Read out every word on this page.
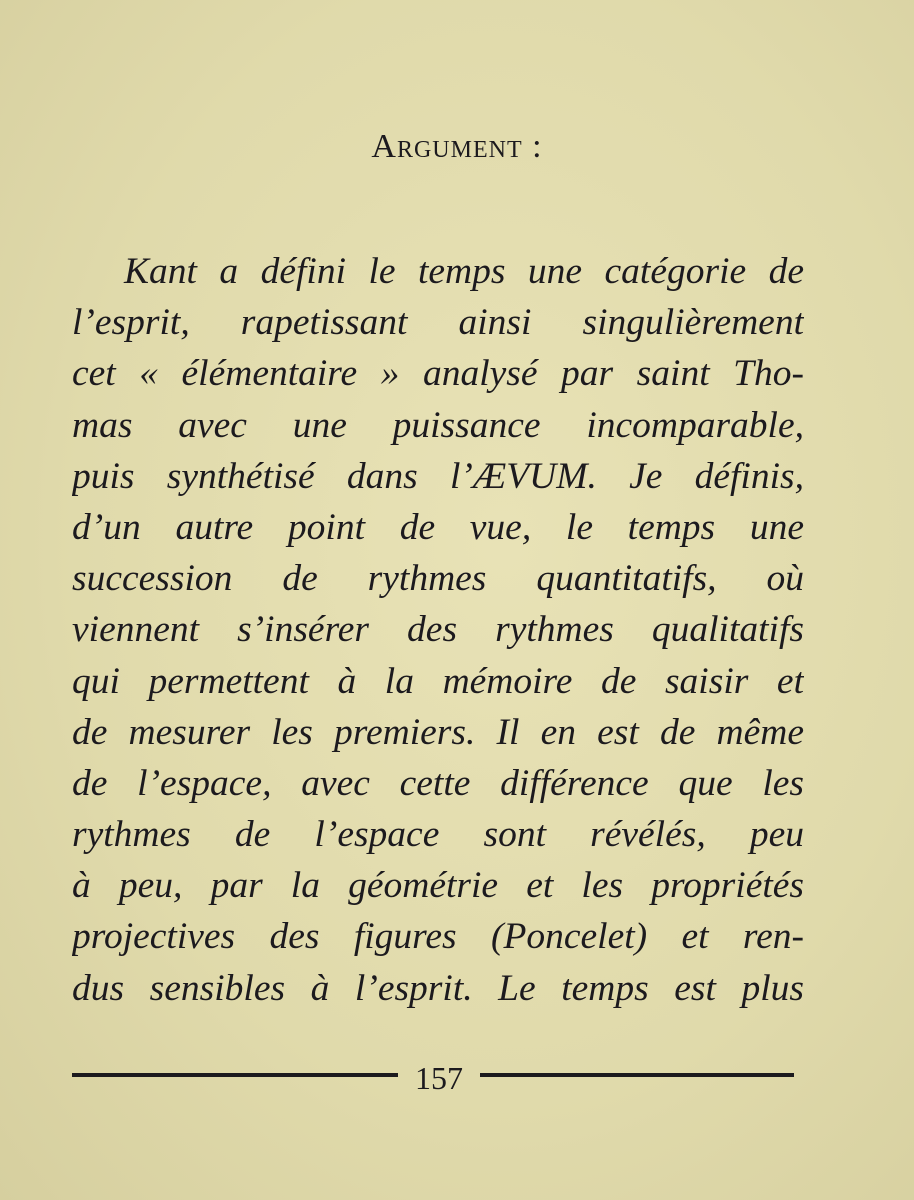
Argument :
Kant a défini le temps une catégorie de
l’esprit, rapetissant ainsi singulièrement
cet « élémentaire » analysé par saint Tho-
mas avec une puissance incomparable,
puis synthétisé dans l’ÆVUM. Je définis,
d’un autre point de vue, le temps une
succession de rythmes quantitatifs, où
viennent s’insérer des rythmes qualitatifs
qui permettent à la mémoire de saisir et
de mesurer les premiers. Il en est de même
de l’espace, avec cette différence que les
rythmes de l’espace sont révélés, peu
à peu, par la géométrie et les propriétés
projectives des figures (Poncelet) et ren-
dus sensibles à l’esprit. Le temps est plus
157
